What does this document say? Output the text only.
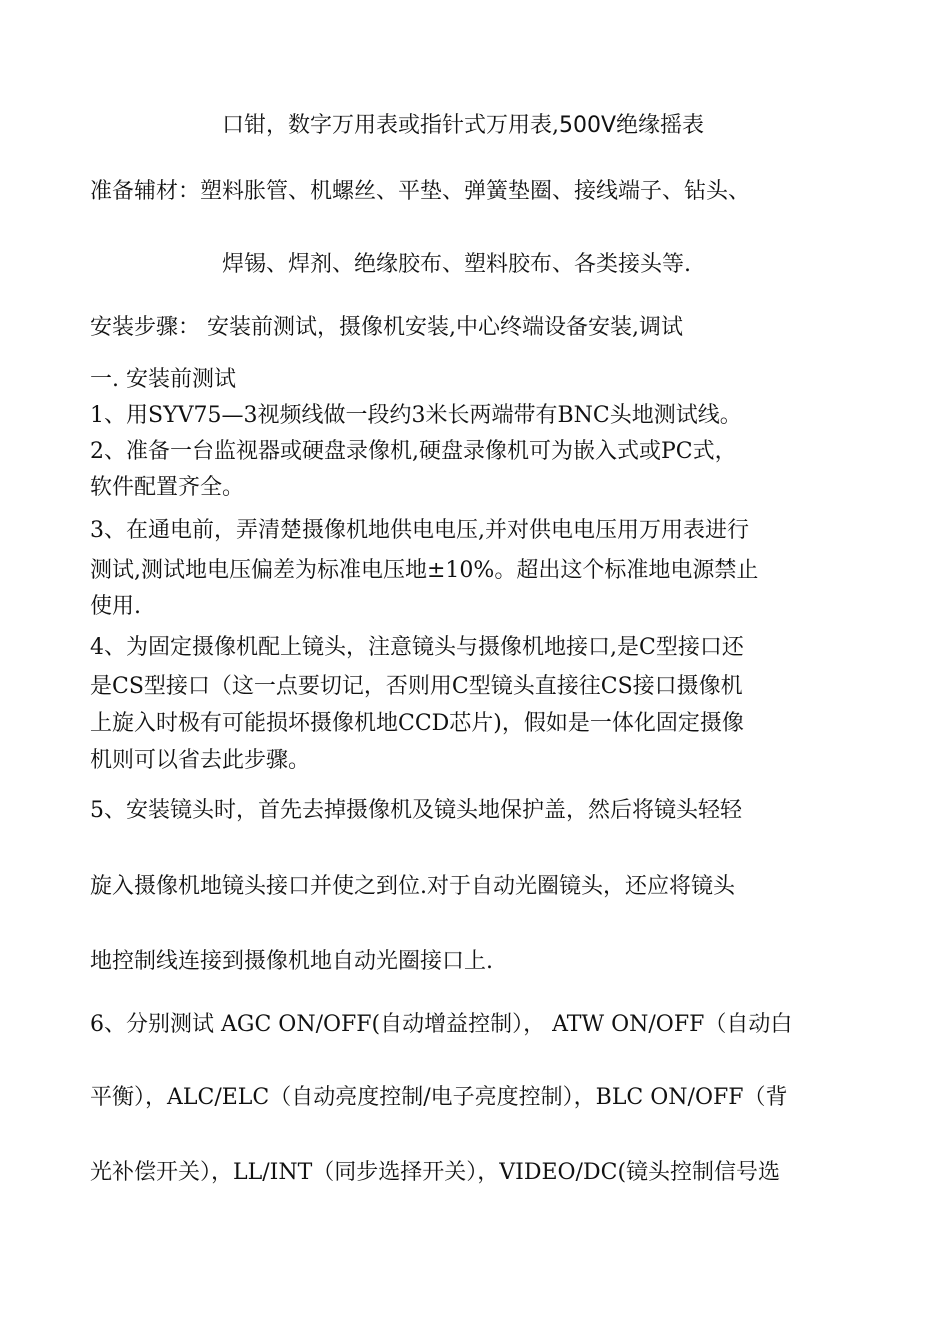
口钳，数字万用表或指针式万用表,500V绝缘摇表

准备辅材：塑料胀管、机螺丝、平垫、弹簧垫圈、接线端子、钻头、

焊锡、焊剂、绝缘胶布、塑料胶布、各类接头等.

安装步骤： 安装前测试，摄像机安装,中心终端设备安装,调试

一. 安装前测试

1、用SYV75—3视频线做一段约3米长两端带有BNC头地测试线。

2、准备一台监视器或硬盘录像机,硬盘录像机可为嵌入式或PC式，

软件配置齐全。

3、在通电前，弄清楚摄像机地供电电压,并对供电电压用万用表进行

测试,测试地电压偏差为标准电压地±10%。超出这个标准地电源禁止

使用.

4、为固定摄像机配上镜头，注意镜头与摄像机地接口,是C型接口还

是CS型接口（这一点要切记，否则用C型镜头直接往CS接口摄像机

上旋入时极有可能损坏摄像机地CCD芯片)，假如是一体化固定摄像

机则可以省去此步骤。

5、安装镜头时，首先去掉摄像机及镜头地保护盖，然后将镜头轻轻

旋入摄像机地镜头接口并使之到位.对于自动光圈镜头，还应将镜头

地控制线连接到摄像机地自动光圈接口上.

6、分别测试 AGC ON/OFF(自动增益控制）， ATW ON/OFF（自动白

平衡），ALC/ELC（自动亮度控制/电子亮度控制），BLC ON/OFF（背

光补偿开关），LL/INT（同步选择开关），VIDEO/DC(镜头控制信号选
